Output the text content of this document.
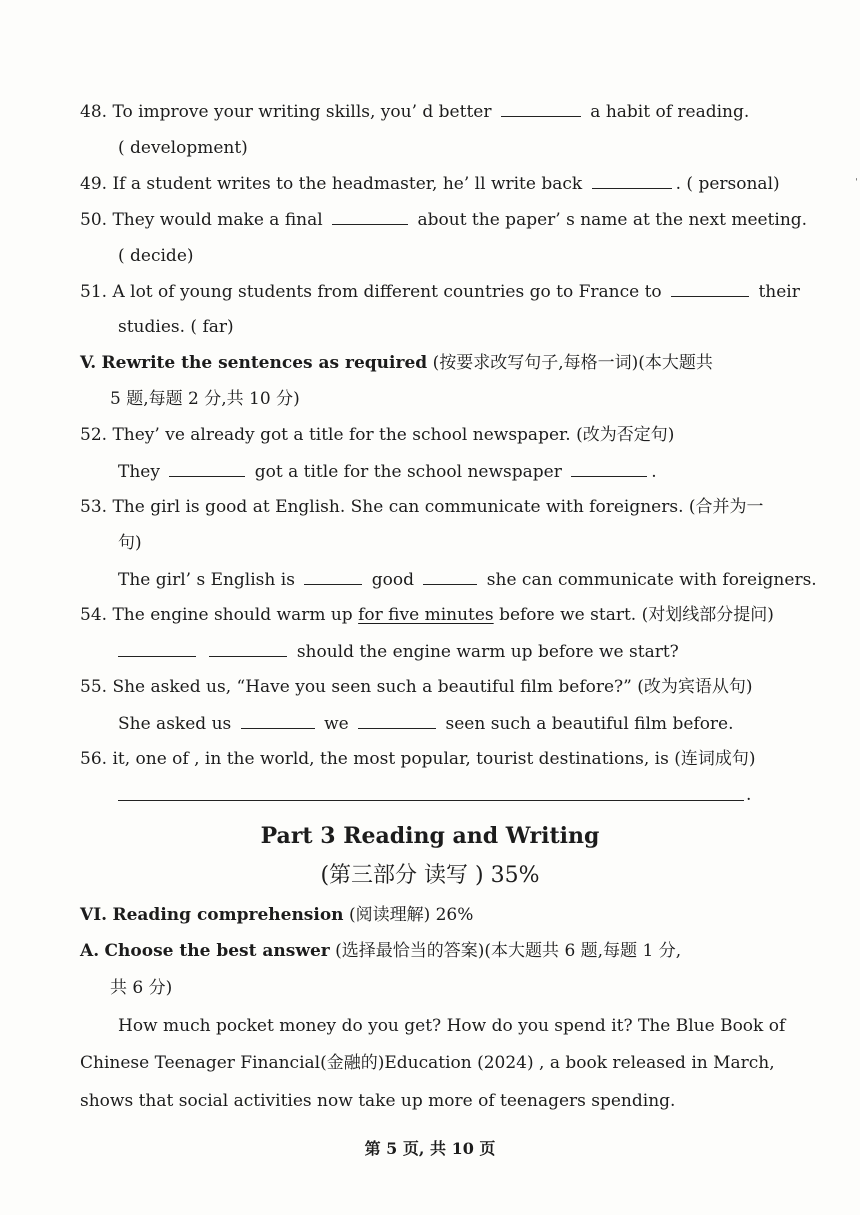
48. To improve your writing skills, you’ d better	a habit of reading.
( development)
49. If a student writes to the headmaster, he’ ll write back	. ( personal)	ˈ
50. They would make a final	about the paper’ s name at the next meeting.
( decide)
51. A lot of young students from different countries go to France to	their
studies. ( far)
V. Rewrite the sentences as required (按要求改写句子,每格一词)(本大题共
5 题,每题 2 分,共 10 分)
52. They’ ve already got a title for the school newspaper. (改为否定句)
They	got a title for the school newspaper	.
53. The girl is good at English. She can communicate with foreigners. (合并为一
句)
The girl’ s English is	good	she can communicate with foreigners.
54. The engine should warm up for five minutes before we start. (对划线部分提问)
should the engine warm up before we start?
55. She asked us, “Have you seen such a beautiful film before?” (改为宾语从句)
She asked us	we	seen such a beautiful film before.
56. it, one of , in the world, the most popular, tourist destinations, is (连词成句)
.
Part 3 Reading and Writing
(第三部分 读写 ) 35%
VI. Reading comprehension (阅读理解) 26%
A. Choose the best answer (选择最恰当的答案)(本大题共 6 题,每题 1 分,
共 6 分)
How much pocket money do you get? How do you spend it? The Blue Book of
Chinese Teenager Financial(金融的)Education (2024) , a book released in March,
shows that social activities now take up more of teenagers spending.
第 5 页, 共 10 页
